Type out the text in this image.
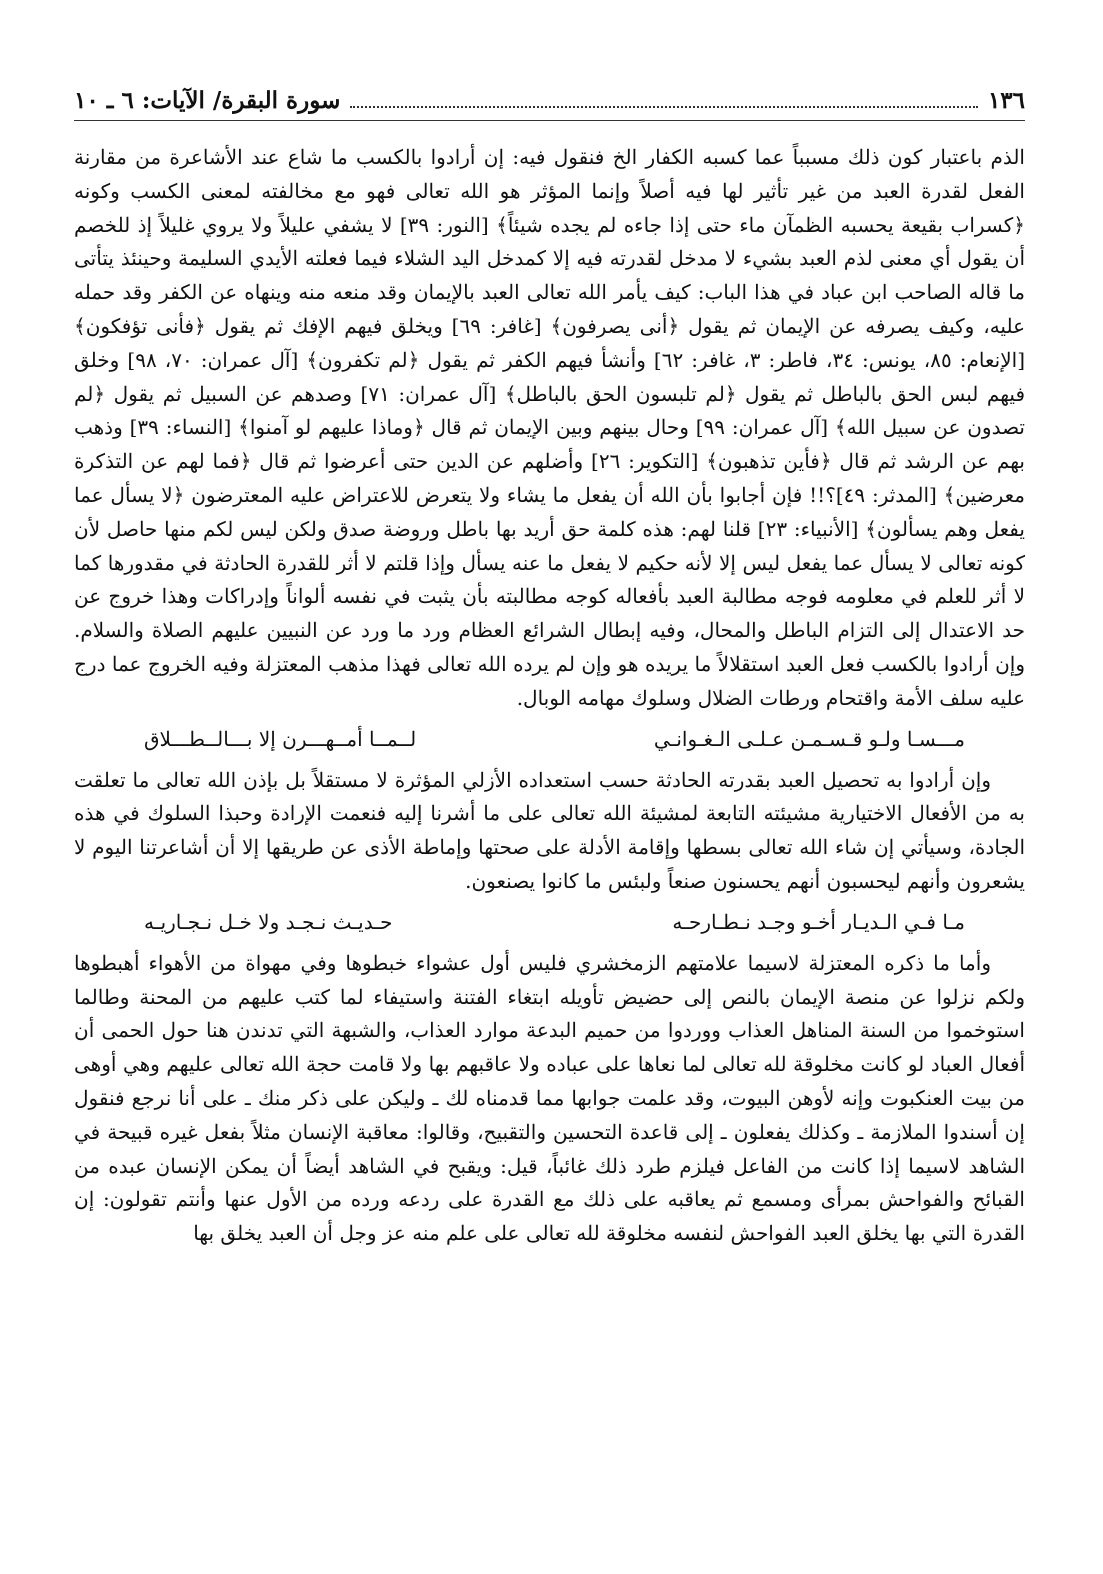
١٣٦
سورة البقرة/ الآيات: ٦ ـ ١٠

الذم باعتبار كون ذلك مسبباً عما كسبه الكفار الخ فنقول فيه: إن أرادوا بالكسب ما شاع عند الأشاعرة من مقارنة الفعل لقدرة العبد من غير تأثير لها فيه أصلاً وإنما المؤثر هو الله تعالى فهو مع مخالفته لمعنى الكسب وكونه ﴿كسراب بقيعة يحسبه الظمآن ماء حتى إذا جاءه لم يجده شيئاً﴾ [النور: ٣٩] لا يشفي عليلاً ولا يروي غليلاً إذ للخصم أن يقول أي معنى لذم العبد بشيء لا مدخل لقدرته فيه إلا كمدخل اليد الشلاء فيما فعلته الأيدي السليمة وحينئذ يتأتى ما قاله الصاحب ابن عباد في هذا الباب: كيف يأمر الله تعالى العبد بالإيمان وقد منعه منه وينهاه عن الكفر وقد حمله عليه، وكيف يصرفه عن الإيمان ثم يقول ﴿أنى يصرفون﴾ [غافر: ٦٩] ويخلق فيهم الإفك ثم يقول ﴿فأنى تؤفكون﴾ [الإنعام: ٨٥، يونس: ٣٤، فاطر: ٣، غافر: ٦٢] وأنشأ فيهم الكفر ثم يقول ﴿لم تكفرون﴾ [آل عمران: ٧٠، ٩٨] وخلق فيهم لبس الحق بالباطل ثم يقول ﴿لم تلبسون الحق بالباطل﴾ [آل عمران: ٧١] وصدهم عن السبيل ثم يقول ﴿لم تصدون عن سبيل الله﴾ [آل عمران: ٩٩] وحال بينهم وبين الإيمان ثم قال ﴿وماذا عليهم لو آمنوا﴾ [النساء: ٣٩] وذهب بهم عن الرشد ثم قال ﴿فأين تذهبون﴾ [التكوير: ٢٦] وأضلهم عن الدين حتى أعرضوا ثم قال ﴿فما لهم عن التذكرة معرضين﴾ [المدثر: ٤٩]؟!! فإن أجابوا بأن الله أن يفعل ما يشاء ولا يتعرض للاعتراض عليه المعترضون ﴿لا يسأل عما يفعل وهم يسألون﴾ [الأنبياء: ٢٣] قلنا لهم: هذه كلمة حق أريد بها باطل وروضة صدق ولكن ليس لكم منها حاصل لأن كونه تعالى لا يسأل عما يفعل ليس إلا لأنه حكيم لا يفعل ما عنه يسأل وإذا قلتم لا أثر للقدرة الحادثة في مقدورها كما لا أثر للعلم في معلومه فوجه مطالبة العبد بأفعاله كوجه مطالبته بأن يثبت في نفسه ألواناً وإدراكات وهذا خروج عن حد الاعتدال إلى التزام الباطل والمحال، وفيه إبطال الشرائع العظام ورد ما ورد عن النبيين عليهم الصلاة والسلام. وإن أرادوا بالكسب فعل العبد استقلالاً ما يريده هو وإن لم يرده الله تعالى فهذا مذهب المعتزلة وفيه الخروج عما درج عليه سلف الأمة واقتحام ورطات الضلال وسلوك مهامه الوبال.

مـــسـا ولـو قـسـمـن عـلـى الـغـوانـي
لــمــا أمــهـــرن إلا بـــالــطـــلاق

وإن أرادوا به تحصيل العبد بقدرته الحادثة حسب استعداده الأزلي المؤثرة لا مستقلاً بل بإذن الله تعالى ما تعلقت به من الأفعال الاختيارية مشيئته التابعة لمشيئة الله تعالى على ما أشرنا إليه فنعمت الإرادة وحبذا السلوك في هذه الجادة، وسيأتي إن شاء الله تعالى بسطها وإقامة الأدلة على صحتها وإماطة الأذى عن طريقها إلا أن أشاعرتنا اليوم لا يشعرون وأنهم ليحسبون أنهم يحسنون صنعاً ولبئس ما كانوا يصنعون.

مـا فـي الـديـار أخـو وجـد نـطـارحـه
حـديـث نـجـد ولا خـل نـجـاريـه

وأما ما ذكره المعتزلة لاسيما علامتهم الزمخشري فليس أول عشواء خبطوها وفي مهواة من الأهواء أهبطوها ولكم نزلوا عن منصة الإيمان بالنص إلى حضيض تأويله ابتغاء الفتنة واستيفاء لما كتب عليهم من المحنة وطالما استوخموا من السنة المناهل العذاب ووردوا من حميم البدعة موارد العذاب، والشبهة التي تدندن هنا حول الحمى أن أفعال العباد لو كانت مخلوقة لله تعالى لما نعاها على عباده ولا عاقبهم بها ولا قامت حجة الله تعالى عليهم وهي أوهى من بيت العنكبوت وإنه لأوهن البيوت، وقد علمت جوابها مما قدمناه لك ـ وليكن على ذكر منك ـ على أنا نرجع فنقول إن أسندوا الملازمة ـ وكذلك يفعلون ـ إلى قاعدة التحسين والتقبيح، وقالوا: معاقبة الإنسان مثلاً بفعل غيره قبيحة في الشاهد لاسيما إذا كانت من الفاعل فيلزم طرد ذلك غائباً، قيل: ويقبح في الشاهد أيضاً أن يمكن الإنسان عبده من القبائح والفواحش بمرأى ومسمع ثم يعاقبه على ذلك مع القدرة على ردعه ورده من الأول عنها وأنتم تقولون: إن القدرة التي بها يخلق العبد الفواحش لنفسه مخلوقة لله تعالى على علم منه عز وجل أن العبد يخلق بها
